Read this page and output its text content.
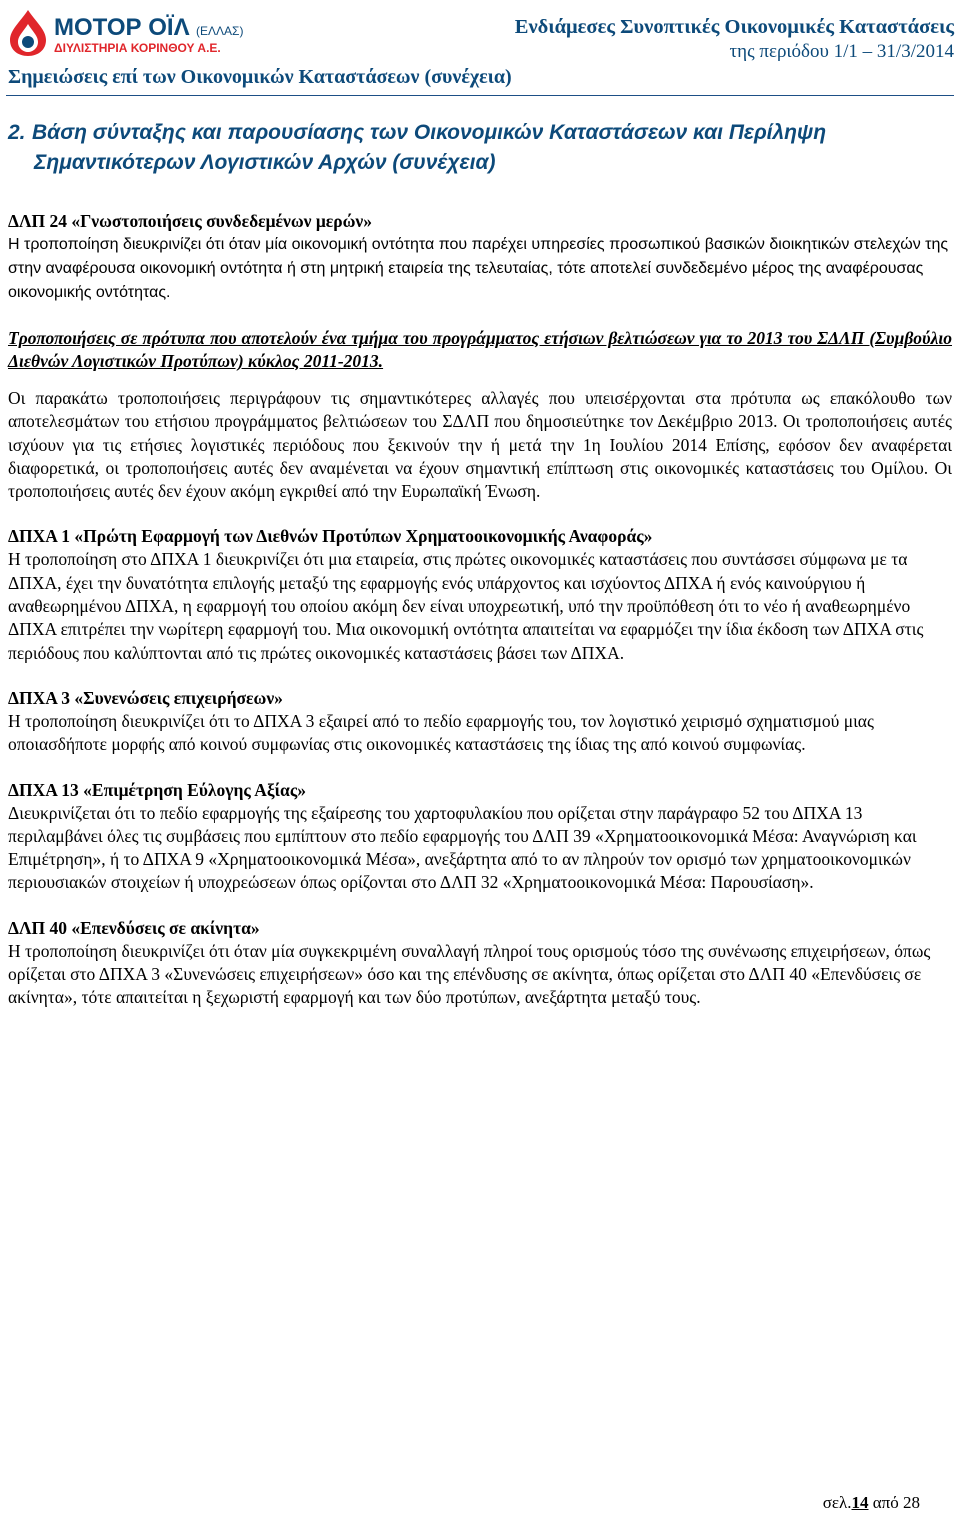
ΜΟΤΟΡ ΟΪΛ (ΕΛΛΑΣ)
ΔΙΥΛΙΣΤΗΡΙΑ ΚΟΡΙΝΘΟΥ Α.Ε.
Ενδιάμεσες Συνοπτικές Οικονομικές Καταστάσεις
της περιόδου 1/1 – 31/3/2014
Σημειώσεις επί των Οικονομικών Καταστάσεων (συνέχεια)
2. Βάση σύνταξης και παρουσίασης των Οικονομικών Καταστάσεων και Περίληψη Σημαντικότερων Λογιστικών Αρχών (συνέχεια)
ΔΛΠ 24 «Γνωστοποιήσεις συνδεδεμένων μερών»

Η τροποποίηση διευκρινίζει ότι όταν μία οικονομική οντότητα που παρέχει υπηρεσίες προσωπικού βασικών διοικητικών στελεχών της στην αναφέρουσα οικονομική οντότητα ή στη μητρική εταιρεία της τελευταίας, τότε αποτελεί συνδεδεμένο μέρος της αναφέρουσας οικονομικής οντότητας.

Τροποποιήσεις σε πρότυπα που αποτελούν ένα τμήμα του προγράμματος ετήσιων βελτιώσεων για το 2013 του ΣΔΛΠ (Συμβούλιο Διεθνών Λογιστικών Προτύπων) κύκλος 2011-2013.

Οι παρακάτω τροποποιήσεις περιγράφουν τις σημαντικότερες αλλαγές που υπεισέρχονται στα πρότυπα ως επακόλουθο των αποτελεσμάτων του ετήσιου προγράμματος βελτιώσεων του ΣΔΛΠ που δημοσιεύτηκε τον Δεκέμβριο 2013. Οι τροποποιήσεις αυτές ισχύουν για τις ετήσιες λογιστικές περιόδους που ξεκινούν την ή μετά την 1η Ιουλίου 2014 Επίσης, εφόσον δεν αναφέρεται διαφορετικά, οι τροποποιήσεις αυτές δεν αναμένεται να έχουν σημαντική επίπτωση στις οικονομικές καταστάσεις του Ομίλου. Οι τροποποιήσεις αυτές δεν έχουν ακόμη εγκριθεί από την Ευρωπαϊκή Ένωση.

ΔΠΧΑ 1 «Πρώτη Εφαρμογή των Διεθνών Προτύπων Χρηματοοικονομικής Αναφοράς»

Η τροποποίηση στο ΔΠΧΑ 1 διευκρινίζει ότι μια εταιρεία, στις πρώτες οικονομικές καταστάσεις που συντάσσει σύμφωνα με τα ΔΠΧΑ, έχει την δυνατότητα επιλογής μεταξύ της εφαρμογής ενός υπάρχοντος και ισχύοντος ΔΠΧΑ ή ενός καινούργιου ή αναθεωρημένου ΔΠΧΑ, η εφαρμογή του οποίου ακόμη δεν είναι υποχρεωτική, υπό την προϋπόθεση ότι το νέο ή αναθεωρημένο ΔΠΧΑ επιτρέπει την νωρίτερη εφαρμογή του. Μια οικονομική οντότητα απαιτείται να εφαρμόζει την ίδια έκδοση των ΔΠΧΑ στις περιόδους που καλύπτονται από τις πρώτες οικονομικές καταστάσεις βάσει των ΔΠΧΑ.

ΔΠΧΑ 3 «Συνενώσεις επιχειρήσεων»

Η τροποποίηση διευκρινίζει ότι το ΔΠΧΑ 3 εξαιρεί από το πεδίο εφαρμογής του, τον λογιστικό χειρισμό σχηματισμού μιας οποιασδήποτε μορφής από κοινού συμφωνίας στις οικονομικές καταστάσεις της ίδιας της από κοινού συμφωνίας.

ΔΠΧΑ 13 «Επιμέτρηση Εύλογης Αξίας»

Διευκρινίζεται ότι το πεδίο εφαρμογής της εξαίρεσης του χαρτοφυλακίου που ορίζεται στην παράγραφο 52 του ΔΠΧΑ 13 περιλαμβάνει όλες τις συμβάσεις που εμπίπτουν στο πεδίο εφαρμογής του ΔΛΠ 39 «Χρηματοοικονομικά Μέσα: Αναγνώριση και Επιμέτρηση», ή το ΔΠΧΑ 9 «Χρηματοοικονομικά Μέσα», ανεξάρτητα από το αν πληρούν τον ορισμό των χρηματοοικονομικών περιουσιακών στοιχείων ή υποχρεώσεων όπως ορίζονται στο ΔΛΠ 32 «Χρηματοοικονομικά Μέσα: Παρουσίαση».

ΔΛΠ 40 «Επενδύσεις σε ακίνητα»

Η τροποποίηση διευκρινίζει ότι όταν μία συγκεκριμένη συναλλαγή πληροί τους ορισμούς τόσο της συνένωσης επιχειρήσεων, όπως ορίζεται στο ΔΠΧΑ 3 «Συνενώσεις επιχειρήσεων» όσο και της επένδυσης σε ακίνητα, όπως ορίζεται στο ΔΛΠ 40 «Επενδύσεις σε ακίνητα», τότε απαιτείται η ξεχωριστή εφαρμογή και των δύο προτύπων, ανεξάρτητα μεταξύ τους.

σελ.14 από 28
